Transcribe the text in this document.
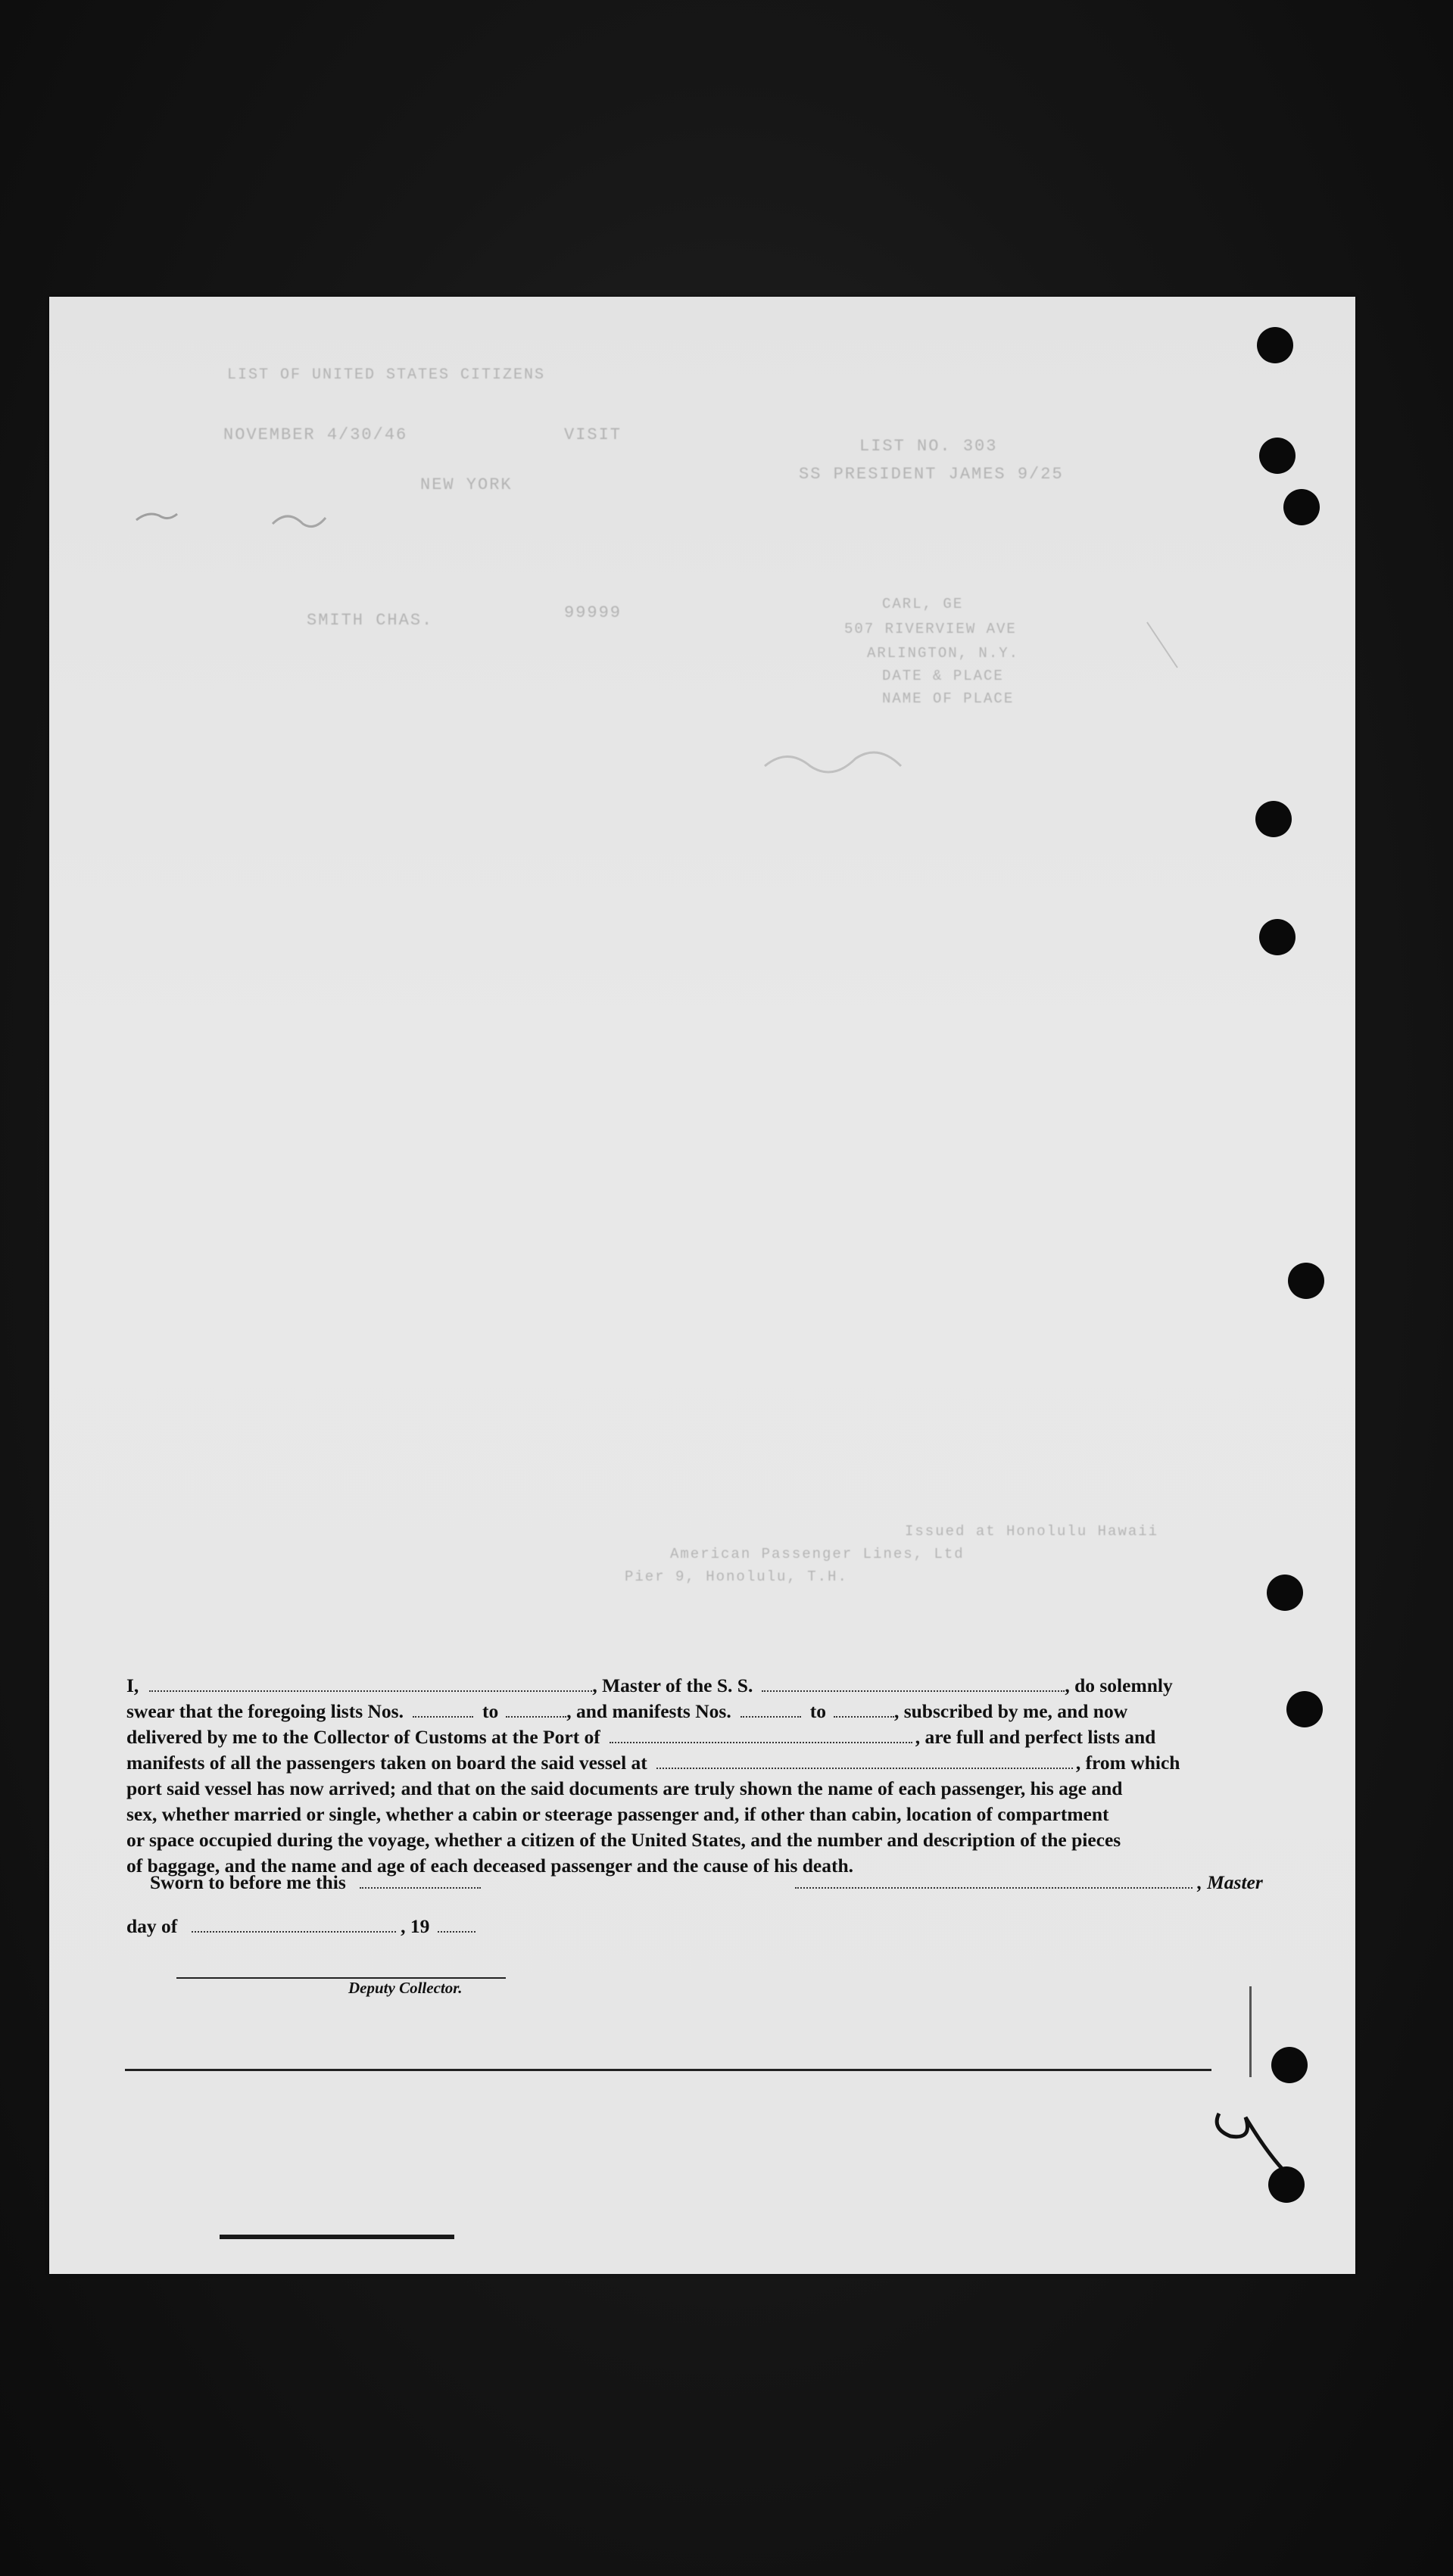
LIST OF UNITED STATES CITIZENS
VISIT
NOVEMBER 4/30/46
NEW YORK
LIST NO. 303
SS PRESIDENT JAMES 9/25
SMITH CHAS.	99999	CARL, GE
507 RIVERVIEW AVE
ARLINGTON, N.Y.
DATE & PLACE
NAME OF PLACE
Issued at Honolulu Hawaii
American Passenger Lines, Ltd
Pier 9, Honolulu, T.H.
I,	, Master of the S. S.	, do solemnly
swear that the foregoing lists Nos.	to	, and manifests Nos.	to	, subscribed by me, and now
delivered by me to the Collector of Customs at the Port of	, are full and perfect lists and
manifests of all the passengers taken on board the said vessel at	, from which
port said vessel has now arrived; and that on the said documents are truly shown the name of each passenger, his age and
sex, whether married or single, whether a cabin or steerage passenger and, if other than cabin, location of compartment
or space occupied during the voyage, whether a citizen of the United States, and the number and description of the pieces
of baggage, and the name and age of each deceased passenger and the cause of his death.
Sworn to before me this	, Master
day of	, 19
Deputy Collector.
